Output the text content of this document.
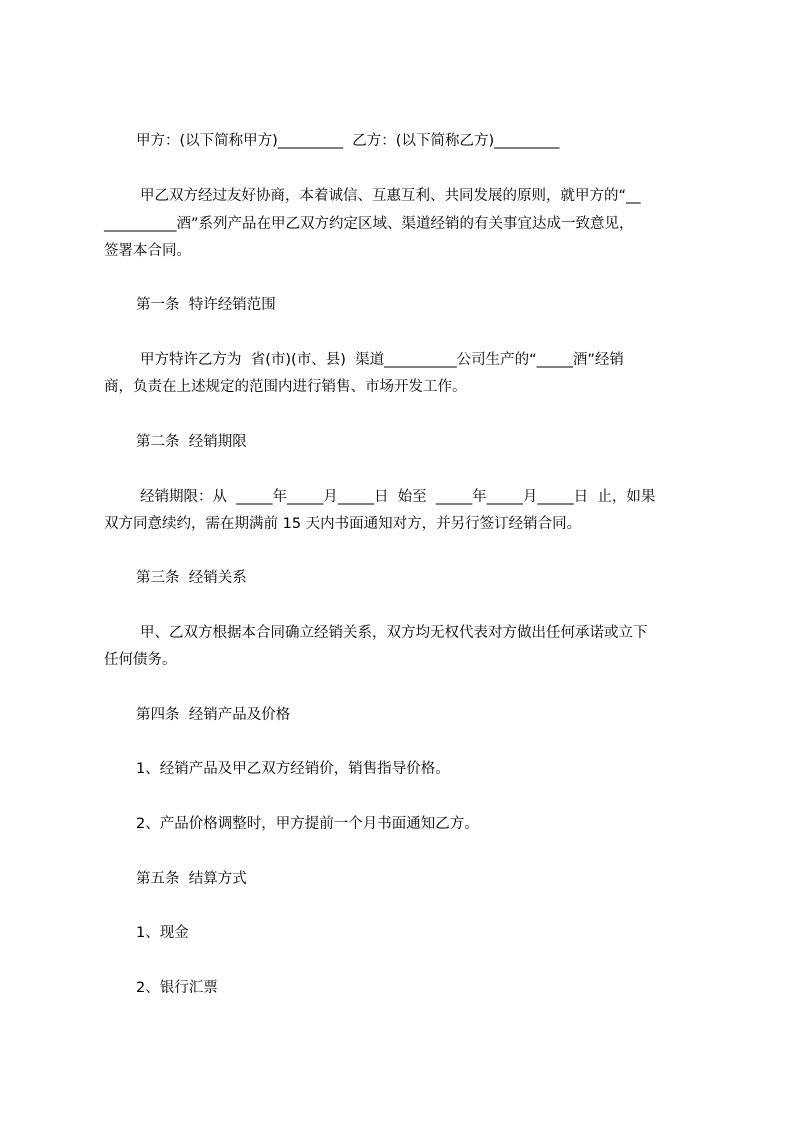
甲方：(以下简称甲方)_________  乙方：(以下简称乙方)_________

甲乙双方经过友好协商，本着诚信、互惠互利、共同发展的原则，就甲方的“__

__________酒”系列产品在甲乙双方约定区域、渠道经销的有关事宜达成一致意见，

签署本合同。

第一条  特许经销范围

甲方特许乙方为  省(市)(市、县)  渠道__________公司生产的“_____酒”经销

商，负责在上述规定的范围内进行销售、市场开发工作。

第二条  经销期限

经销期限：从  _____年_____月_____日  始至  _____年_____月_____日  止，如果

双方同意续约，需在期满前 15 天内书面通知对方，并另行签订经销合同。

第三条  经销关系

甲、乙双方根据本合同确立经销关系，双方均无权代表对方做出任何承诺或立下

任何债务。

第四条  经销产品及价格

1、经销产品及甲乙双方经销价，销售指导价格。

2、产品价格调整时，甲方提前一个月书面通知乙方。

第五条  结算方式

1、现金

2、银行汇票
